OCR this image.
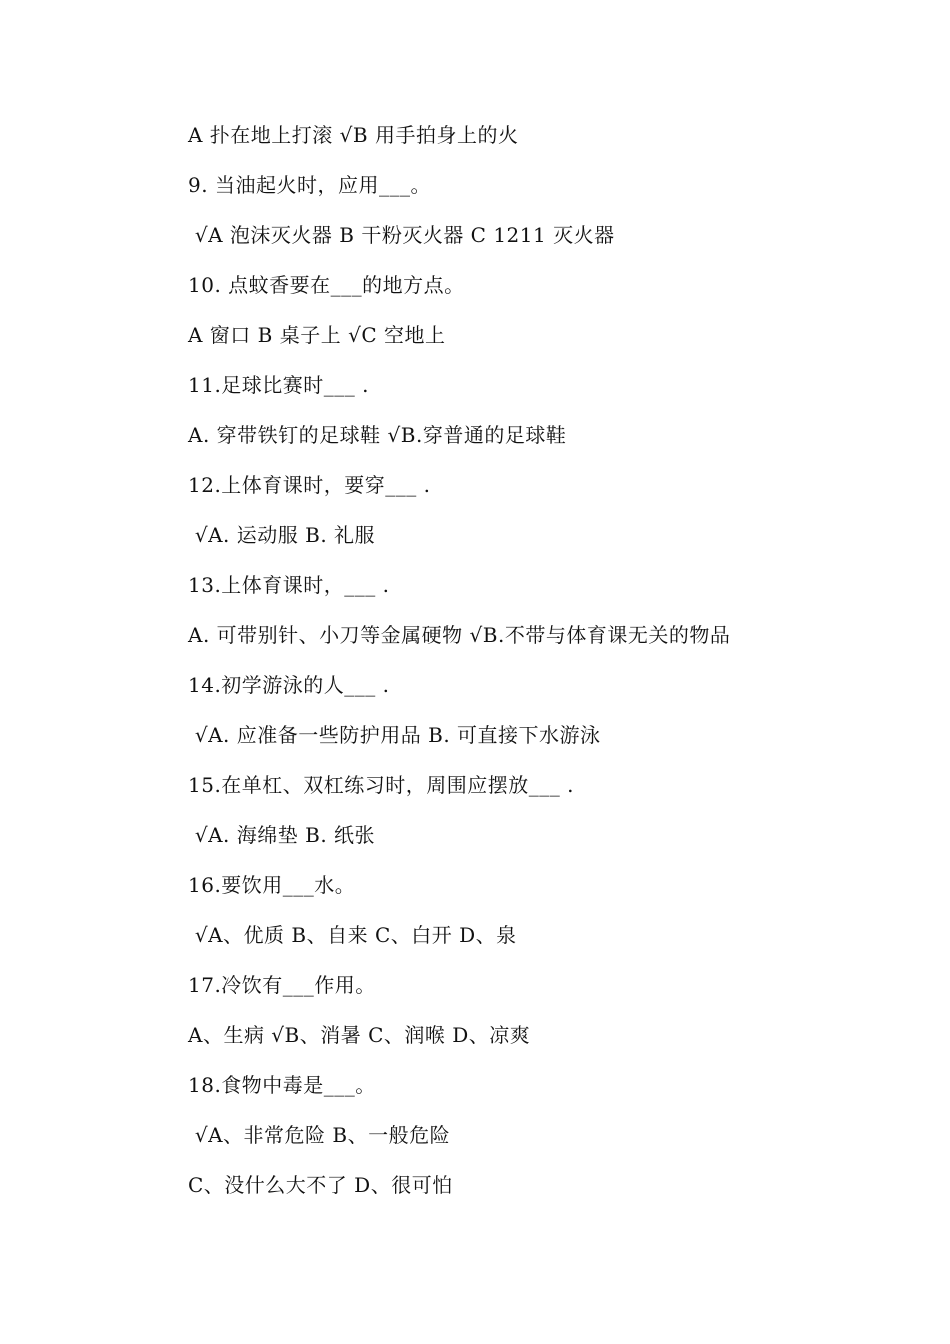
A 扑在地上打滚 √B 用手拍身上的火
9. 当油起火时，应用___。
√A 泡沫灭火器 B 干粉灭火器 C 1211 灭火器
10. 点蚊香要在___的地方点。
A 窗口 B 桌子上 √C 空地上
11.足球比赛时___ .
A. 穿带铁钉的足球鞋 √B.穿普通的足球鞋
12.上体育课时，要穿___ .
√A. 运动服 B. 礼服
13.上体育课时，___ .
A. 可带别针、小刀等金属硬物 √B.不带与体育课无关的物品
14.初学游泳的人___ .
√A. 应准备一些防护用品 B. 可直接下水游泳
15.在单杠、双杠练习时，周围应摆放___ .
√A. 海绵垫 B. 纸张
16.要饮用___水。
√A、优质 B、自来 C、白开 D、泉
17.冷饮有___作用。
A、生病 √B、消暑 C、润喉 D、凉爽
18.食物中毒是___。
√A、非常危险 B、一般危险
C、没什么大不了 D、很可怕
